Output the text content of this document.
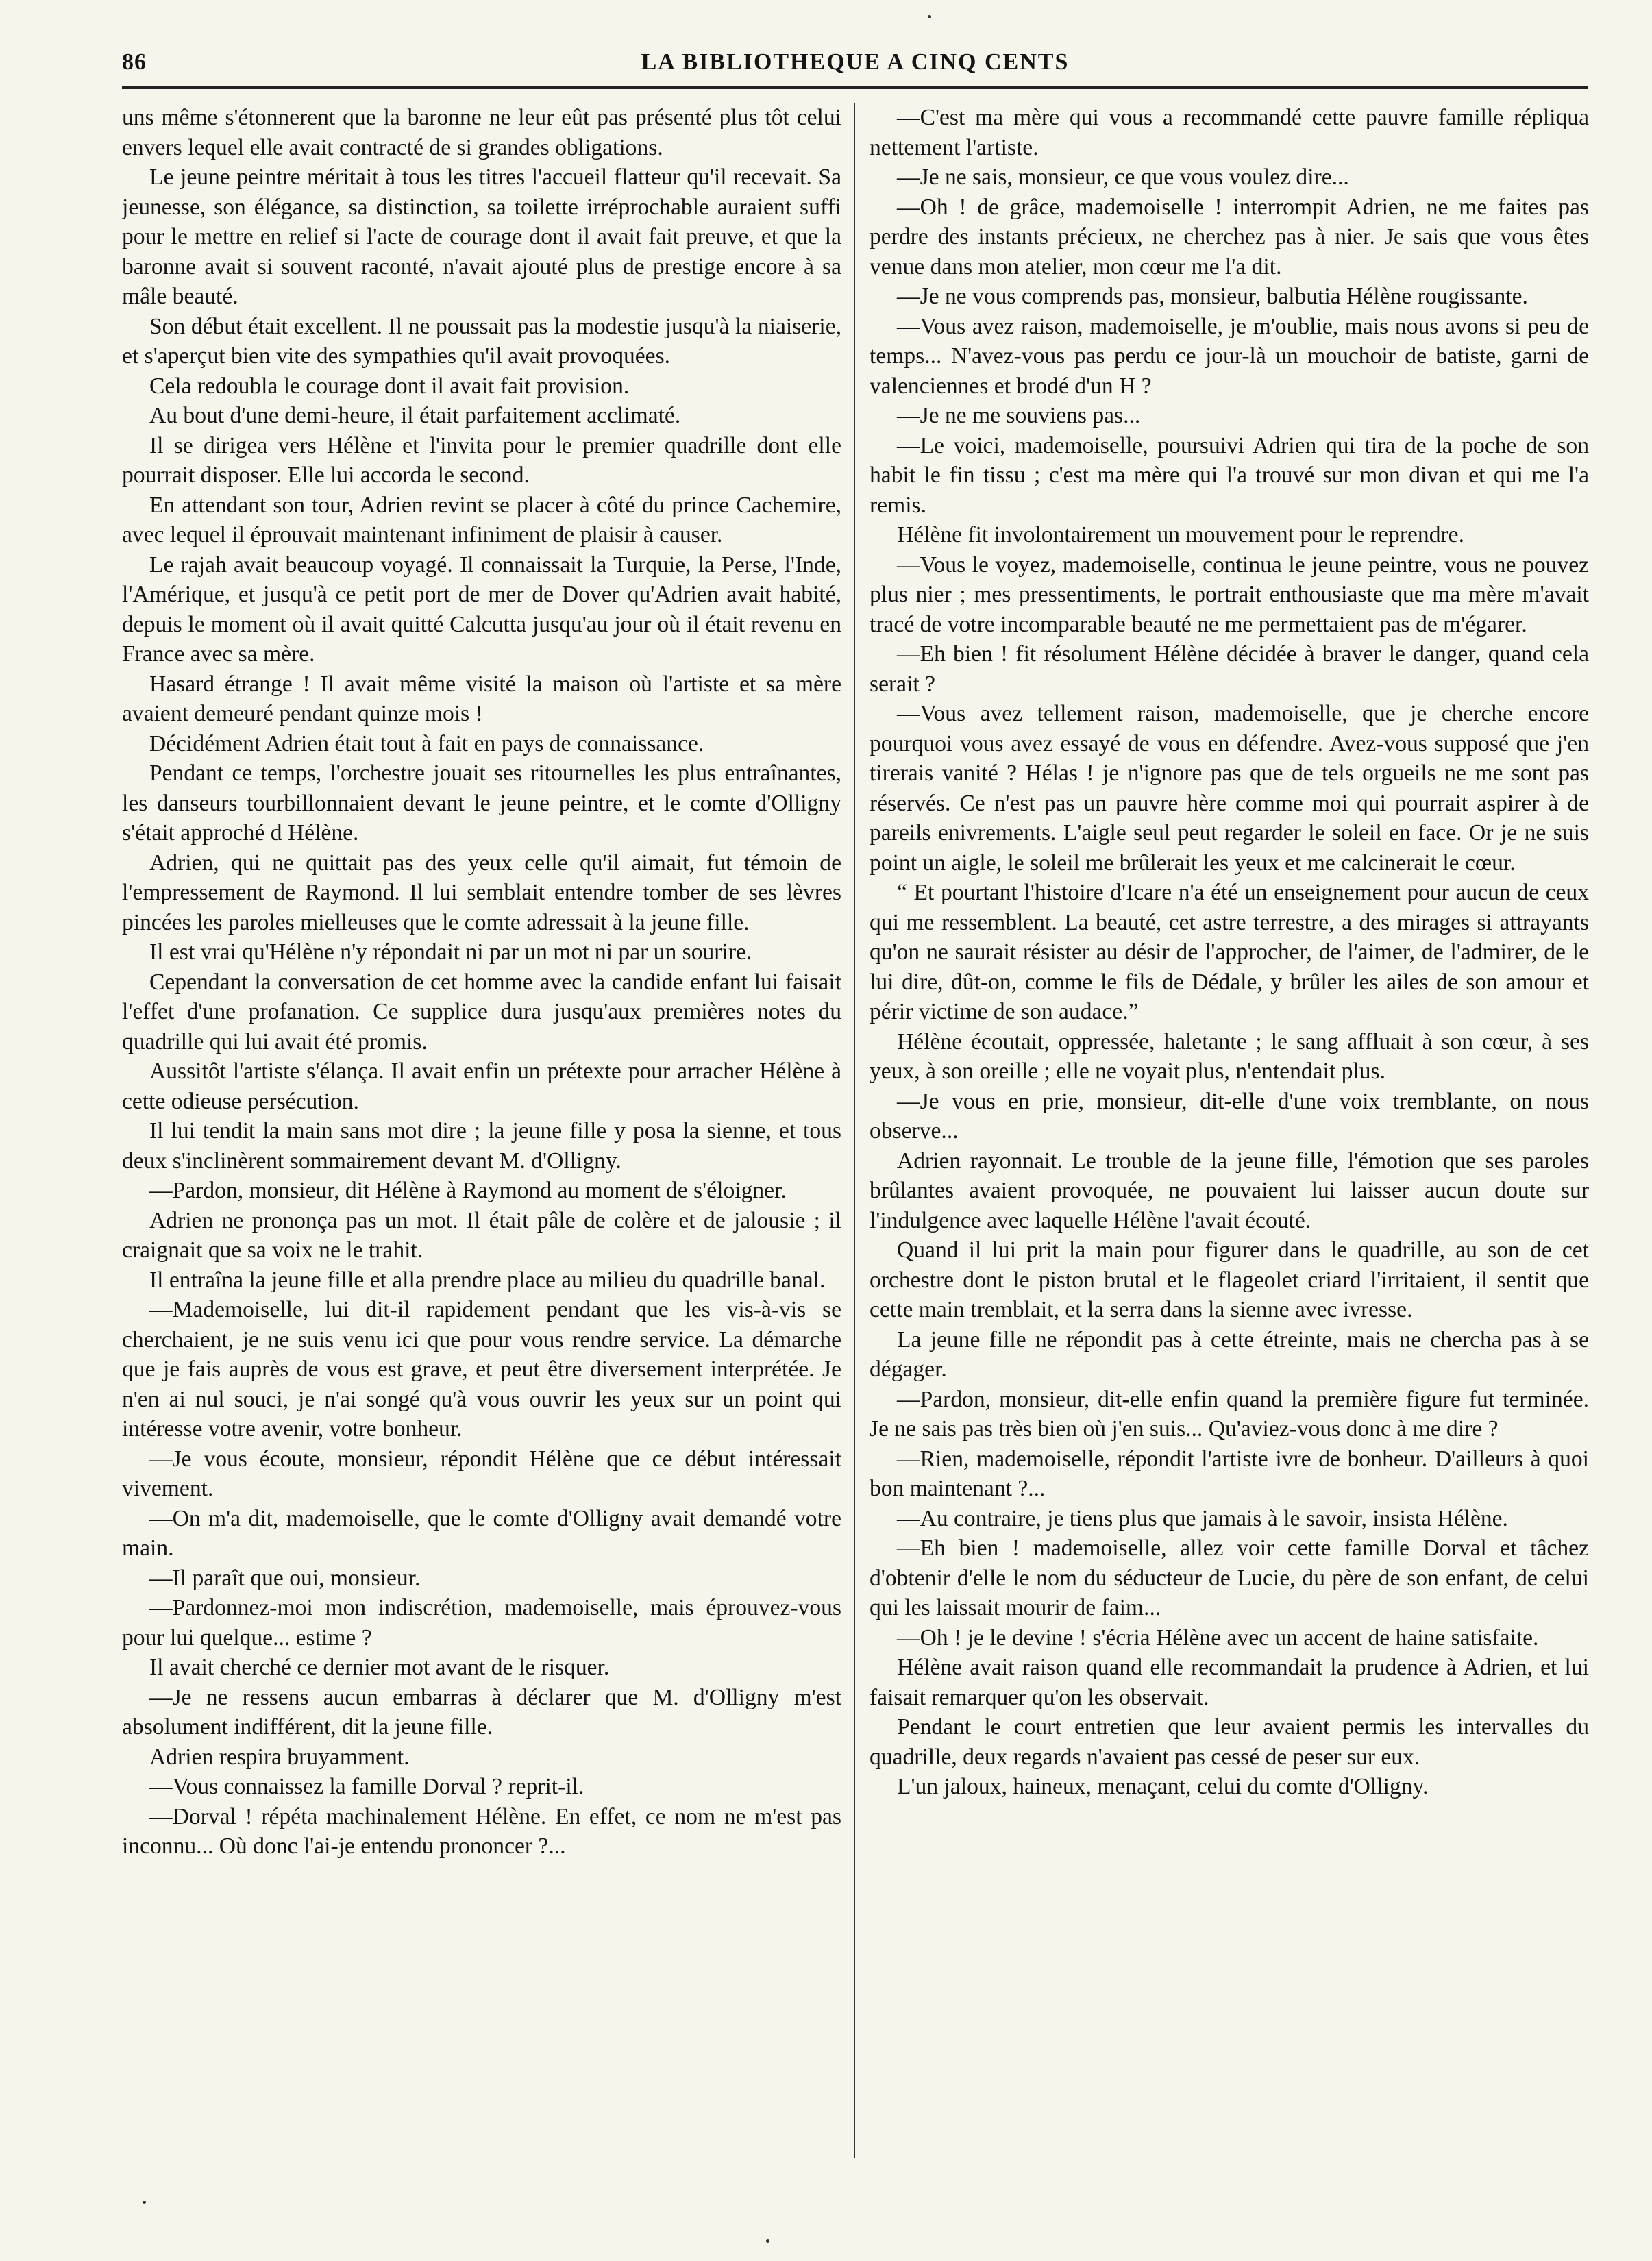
86	LA BIBLIOTHEQUE A CINQ CENTS

uns même s'étonnerent que la baronne ne leur eût pas présenté plus tôt celui envers lequel elle avait contracté de si grandes obligations.

Le jeune peintre méritait à tous les titres l'accueil flatteur qu'il recevait. Sa jeunesse, son élégance, sa distinction, sa toilette irréprochable auraient suffi pour le mettre en relief si l'acte de courage dont il avait fait preuve, et que la baronne avait si souvent raconté, n'avait ajouté plus de prestige encore à sa mâle beauté.

Son début était excellent. Il ne poussait pas la modestie jusqu'à la niaiserie, et s'aperçut bien vite des sympathies qu'il avait provoquées.

Cela redoubla le courage dont il avait fait provision.

Au bout d'une demi-heure, il était parfaitement acclimaté.

Il se dirigea vers Hélène et l'invita pour le premier quadrille dont elle pourrait disposer. Elle lui accorda le second.

En attendant son tour, Adrien revint se placer à côté du prince Cachemire, avec lequel il éprouvait maintenant infiniment de plaisir à causer.

Le rajah avait beaucoup voyagé. Il connaissait la Turquie, la Perse, l'Inde, l'Amérique, et jusqu'à ce petit port de mer de Dover qu'Adrien avait habité, depuis le moment où il avait quitté Calcutta jusqu'au jour où il était revenu en France avec sa mère.

Hasard étrange ! Il avait même visité la maison où l'artiste et sa mère avaient demeuré pendant quinze mois !

Décidément Adrien était tout à fait en pays de connaissance.

Pendant ce temps, l'orchestre jouait ses ritournelles les plus entraînantes, les danseurs tourbillonnaient devant le jeune peintre, et le comte d'Olligny s'était approché d Hélène.

Adrien, qui ne quittait pas des yeux celle qu'il aimait, fut témoin de l'empressement de Raymond. Il lui semblait entendre tomber de ses lèvres pincées les paroles mielleuses que le comte adressait à la jeune fille.

Il est vrai qu'Hélène n'y répondait ni par un mot ni par un sourire.

Cependant la conversation de cet homme avec la candide enfant lui faisait l'effet d'une profanation. Ce supplice dura jusqu'aux premières notes du quadrille qui lui avait été promis.

Aussitôt l'artiste s'élança. Il avait enfin un prétexte pour arracher Hélène à cette odieuse persécution.

Il lui tendit la main sans mot dire ; la jeune fille y posa la sienne, et tous deux s'inclinèrent sommairement devant M. d'Olligny.

—Pardon, monsieur, dit Hélène à Raymond au moment de s'éloigner.

Adrien ne prononça pas un mot. Il était pâle de colère et de jalousie ; il craignait que sa voix ne le trahit.

Il entraîna la jeune fille et alla prendre place au milieu du quadrille banal.

—Mademoiselle, lui dit-il rapidement pendant que les vis-à-vis se cherchaient, je ne suis venu ici que pour vous rendre service. La démarche que je fais auprès de vous est grave, et peut être diversement interprétée. Je n'en ai nul souci, je n'ai songé qu'à vous ouvrir les yeux sur un point qui intéresse votre avenir, votre bonheur.

—Je vous écoute, monsieur, répondit Hélène que ce début intéressait vivement.

—On m'a dit, mademoiselle, que le comte d'Olligny avait demandé votre main.

—Il paraît que oui, monsieur.

—Pardonnez-moi mon indiscrétion, mademoiselle, mais éprouvez-vous pour lui quelque... estime ?

Il avait cherché ce dernier mot avant de le risquer.

—Je ne ressens aucun embarras à déclarer que M. d'Olligny m'est absolument indifférent, dit la jeune fille.

Adrien respira bruyamment.

—Vous connaissez la famille Dorval ? reprit-il.

—Dorval ! répéta machinalement Hélène. En effet, ce nom ne m'est pas inconnu... Où donc l'ai-je entendu prononcer ?...

—C'est ma mère qui vous a recommandé cette pauvre famille répliqua nettement l'artiste.

—Je ne sais, monsieur, ce que vous voulez dire...

—Oh ! de grâce, mademoiselle ! interrompit Adrien, ne me faites pas perdre des instants précieux, ne cherchez pas à nier. Je sais que vous êtes venue dans mon atelier, mon cœur me l'a dit.

—Je ne vous comprends pas, monsieur, balbutia Hélène rougissante.

—Vous avez raison, mademoiselle, je m'oublie, mais nous avons si peu de temps... N'avez-vous pas perdu ce jour-là un mouchoir de batiste, garni de valenciennes et brodé d'un H ?

—Je ne me souviens pas...

—Le voici, mademoiselle, poursuivi Adrien qui tira de la poche de son habit le fin tissu ; c'est ma mère qui l'a trouvé sur mon divan et qui me l'a remis.

Hélène fit involontairement un mouvement pour le reprendre.

—Vous le voyez, mademoiselle, continua le jeune peintre, vous ne pouvez plus nier ; mes pressentiments, le portrait enthousiaste que ma mère m'avait tracé de votre incomparable beauté ne me permettaient pas de m'égarer.

—Eh bien ! fit résolument Hélène décidée à braver le danger, quand cela serait ?

—Vous avez tellement raison, mademoiselle, que je cherche encore pourquoi vous avez essayé de vous en défendre. Avez-vous supposé que j'en tirerais vanité ? Hélas ! je n'ignore pas que de tels orgueils ne me sont pas réservés. Ce n'est pas un pauvre hère comme moi qui pourrait aspirer à de pareils enivrements. L'aigle seul peut regarder le soleil en face. Or je ne suis point un aigle, le soleil me brûlerait les yeux et me calcinerait le cœur.

“ Et pourtant l'histoire d'Icare n'a été un enseignement pour aucun de ceux qui me ressemblent. La beauté, cet astre terrestre, a des mirages si attrayants qu'on ne saurait résister au désir de l'approcher, de l'aimer, de l'admirer, de le lui dire, dût-on, comme le fils de Dédale, y brûler les ailes de son amour et périr victime de son audace.”

Hélène écoutait, oppressée, haletante ; le sang affluait à son cœur, à ses yeux, à son oreille ; elle ne voyait plus, n'entendait plus.

—Je vous en prie, monsieur, dit-elle d'une voix tremblante, on nous observe...

Adrien rayonnait. Le trouble de la jeune fille, l'émotion que ses paroles brûlantes avaient provoquée, ne pouvaient lui laisser aucun doute sur l'indulgence avec laquelle Hélène l'avait écouté.

Quand il lui prit la main pour figurer dans le quadrille, au son de cet orchestre dont le piston brutal et le flageolet criard l'irritaient, il sentit que cette main tremblait, et la serra dans la sienne avec ivresse.

La jeune fille ne répondit pas à cette étreinte, mais ne chercha pas à se dégager.

—Pardon, monsieur, dit-elle enfin quand la première figure fut terminée. Je ne sais pas très bien où j'en suis... Qu'aviez-vous donc à me dire ?

—Rien, mademoiselle, répondit l'artiste ivre de bonheur. D'ailleurs à quoi bon maintenant ?...

—Au contraire, je tiens plus que jamais à le savoir, insista Hélène.

—Eh bien ! mademoiselle, allez voir cette famille Dorval et tâchez d'obtenir d'elle le nom du séducteur de Lucie, du père de son enfant, de celui qui les laissait mourir de faim...

—Oh ! je le devine ! s'écria Hélène avec un accent de haine satisfaite.

Hélène avait raison quand elle recommandait la prudence à Adrien, et lui faisait remarquer qu'on les observait.

Pendant le court entretien que leur avaient permis les intervalles du quadrille, deux regards n'avaient pas cessé de peser sur eux.

L'un jaloux, haineux, menaçant, celui du comte d'Olligny.
